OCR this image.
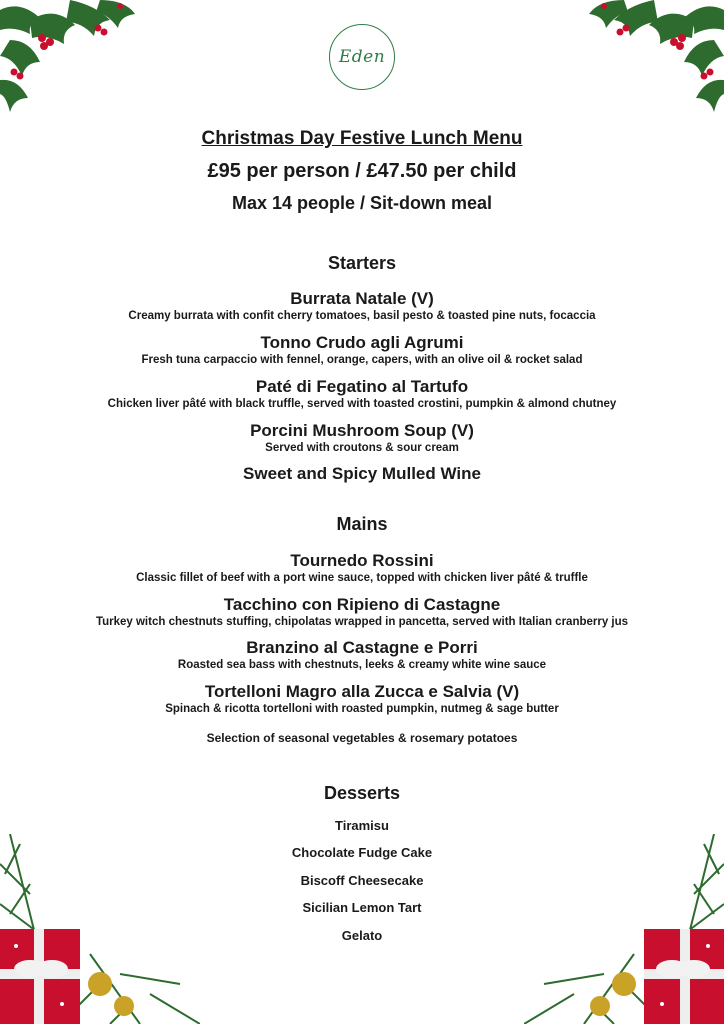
Eden
Christmas Day Festive Lunch Menu
£95 per person / £47.50 per child
Max 14 people / Sit-down meal
Starters
Burrata Natale (V)
Creamy burrata with confit cherry tomatoes, basil pesto & toasted pine nuts, focaccia
Tonno Crudo agli Agrumi
Fresh tuna carpaccio with fennel, orange, capers, with an olive oil & rocket salad
Paté di Fegatino al Tartufo
Chicken liver pâté with black truffle, served with toasted crostini, pumpkin & almond chutney
Porcini Mushroom Soup (V)
Served with croutons & sour cream
Sweet and Spicy Mulled Wine
Mains
Tournedo Rossini
Classic fillet of beef with a port wine sauce, topped with chicken liver pâté & truffle
Tacchino con Ripieno di Castagne
Turkey witch chestnuts stuffing, chipolatas wrapped in pancetta, served with Italian cranberry jus
Branzino al Castagne e Porri
Roasted sea bass with chestnuts, leeks & creamy white wine sauce
Tortelloni Magro alla Zucca e Salvia (V)
Spinach & ricotta tortelloni with roasted pumpkin, nutmeg & sage butter
Selection of seasonal vegetables & rosemary potatoes
Desserts
Tiramisu
Chocolate Fudge Cake
Biscoff Cheesecake
Sicilian Lemon Tart
Gelato
